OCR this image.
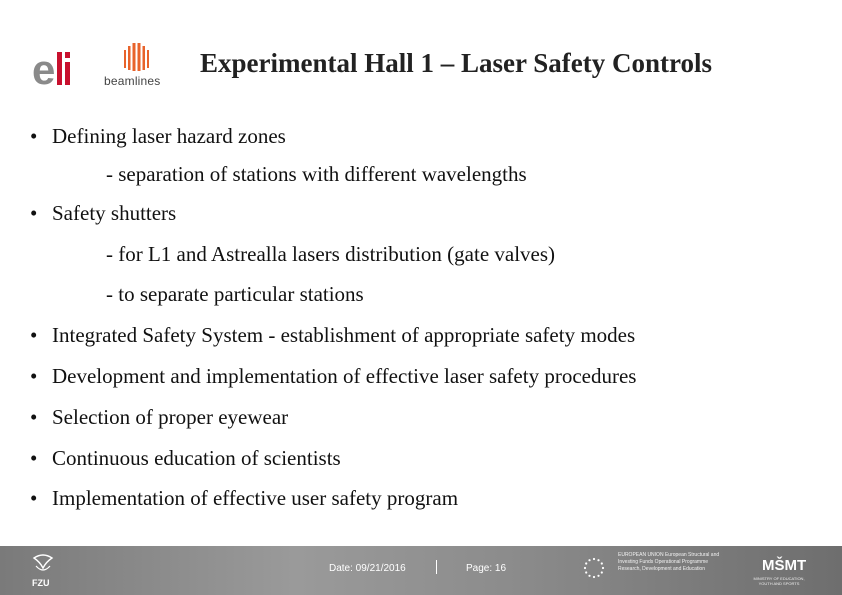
e	beamlines
Experimental Hall 1 – Laser Safety Controls
• Defining laser hazard zones
- separation of stations with different wavelengths
• Safety shutters
- for L1 and Astrealla lasers distribution (gate valves)
- to separate particular stations
• Integrated Safety System - establishment of appropriate safety modes
• Development and implementation of effective laser safety procedures
• Selection of proper eyewear
• Continuous education of scientists
• Implementation of effective user safety program
FZU
Date: 09/21/2016	Page: 16
EUROPEAN UNION European Structural and Investing Funds Operational Programme Research, Development and Education	MŠMT
MINISTRY OF EDUCATION, YOUTH AND SPORTS
